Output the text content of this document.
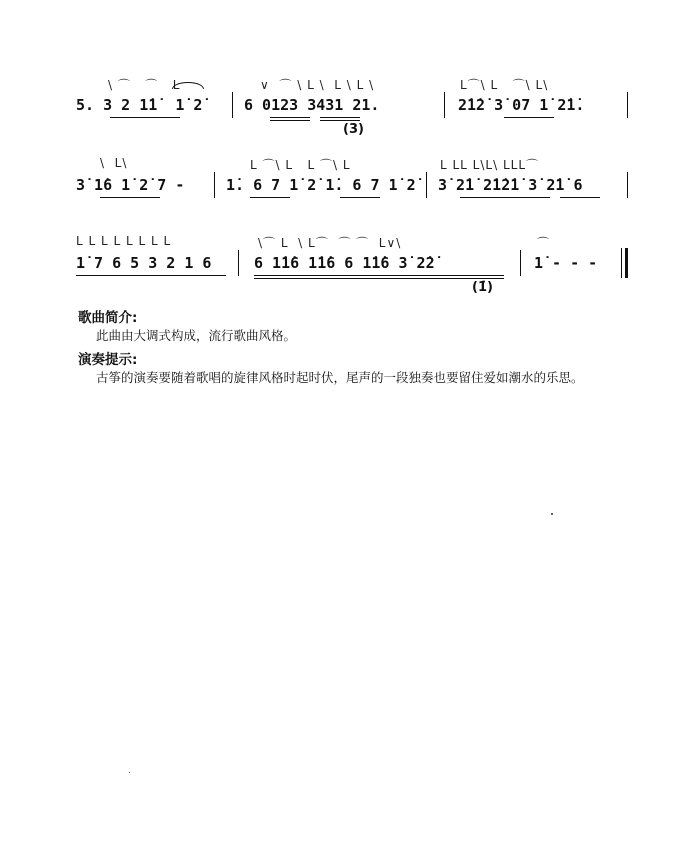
\ ⌒   ⌒   L	∨  ⌒ \ L \  L \ L \	L⌒\ L   ⌒\ L\
5. 3 2 1̇1̇  1̇ 2̇	6 0123 3431 21.	2̇1̇2̇ 3̇ 07 1̇ 2̇1̇.
(3)
\  L\	L ⌒\ L   L ⌒\ L	L LL L\L\ LLL⌒
3̇ 1̇6 1̇ 2̇ 7 -	1̇. 6 7 1̇ 2̇ 1̇. 6 7 1̇ 2̇ 3̇ 2̇1̇ 2̇1̇2̇1̇ 3̇ 2̇1̇ 6
L L L L L L L L	\⌒ L  \ L⌒  ⌒ ⌒  L∨\	⌒
1̇ 7 6 5 3 2 1 6	6 1̇1̇6 1̇1̇6 6 1̇1̇6 3̇ 2̇2̇	1̇ - - -
(1̇)
歌曲简介:
此曲由大调式构成，流行歌曲风格。
演奏提示:
古筝的演奏要随着歌唱的旋律风格时起时伏，尾声的一段独奏也要留住爱如潮水的乐思。
